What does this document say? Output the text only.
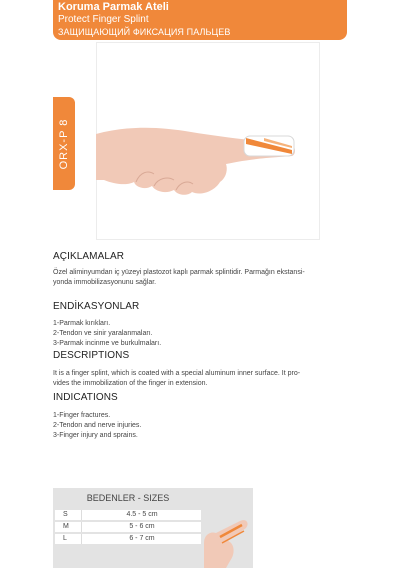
Koruma Parmak Ateli
Protect Finger Splint
ЗАЩИЩАЮЩИЙ ФИКСАЦИЯ ПАЛЬЦЕВ
ORX-P 8
AÇIKLAMALAR
Özel aliminyumdan iç yüzeyi plastozot kaplı parmak splintidir. Parmağın ekstansi-
yonda immobilizasyonunu sağlar.
ENDİKASYONLAR
1-Parmak kırıkları.
2-Tendon ve sinir yaralanmaları.
3-Parmak incinme ve burkulmaları.
DESCRIPTIONS
It is a finger splint, which is coated with a special aluminum inner surface. It pro-
vides the immobilization of the finger in extension.
INDICATIONS
1-Finger fractures.
2-Tendon and nerve injuries.
3-Finger injury and sprains.
BEDENLER - SIZES
S	4.5 - 5 cm
M	5 - 6 cm
L	6 - 7 cm
